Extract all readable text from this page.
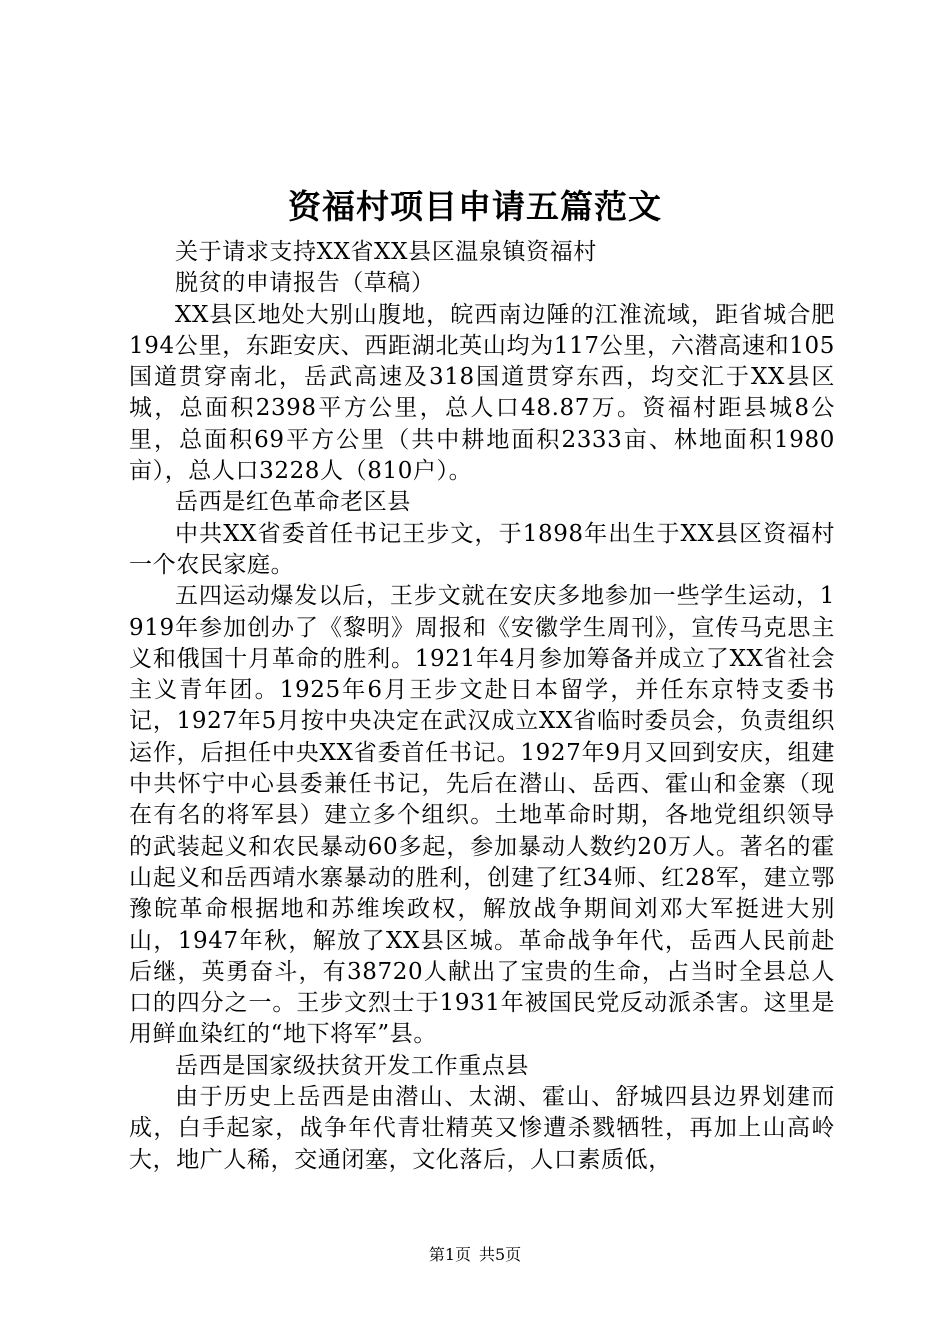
资福村项目申请五篇范文

关于请求支持XX省XX县区温泉镇资福村

脱贫的申请报告（草稿）

XX县区地处大别山腹地，皖西南边陲的江淮流域，距省城合肥194公里，东距安庆、西距湖北英山均为117公里，六潜高速和105国道贯穿南北，岳武高速及318国道贯穿东西，均交汇于XX县区城，总面积2398平方公里，总人口48.87万。资福村距县城8公里，总面积69平方公里（共中耕地面积2333亩、林地面积1980亩），总人口3228人（810户）。

岳西是红色革命老区县

中共XX省委首任书记王步文，于1898年出生于XX县区资福村一个农民家庭。

五四运动爆发以后，王步文就在安庆多地参加一些学生运动，1919年参加创办了《黎明》周报和《安徽学生周刊》，宣传马克思主义和俄国十月革命的胜利。1921年4月参加筹备并成立了XX省社会主义青年团。1925年6月王步文赴日本留学，并任东京特支委书记，1927年5月按中央决定在武汉成立XX省临时委员会，负责组织运作，后担任中央XX省委首任书记。1927年9月又回到安庆，组建中共怀宁中心县委兼任书记，先后在潜山、岳西、霍山和金寨（现在有名的将军县）建立多个组织。土地革命时期，各地党组织领导的武装起义和农民暴动60多起，参加暴动人数约20万人。著名的霍山起义和岳西靖水寨暴动的胜利，创建了红34师、红28军，建立鄂豫皖革命根据地和苏维埃政权，解放战争期间刘邓大军挺进大别山，1947年秋，解放了XX县区城。革命战争年代，岳西人民前赴后继，英勇奋斗，有38720人献出了宝贵的生命，占当时全县总人口的四分之一。王步文烈士于1931年被国民党反动派杀害。这里是用鲜血染红的“地下将军”县。

岳西是国家级扶贫开发工作重点县

由于历史上岳西是由潜山、太湖、霍山、舒城四县边界划建而成，白手起家，战争年代青壮精英又惨遭杀戮牺牲，再加上山高岭大，地广人稀，交通闭塞，文化落后，人口素质低，

第1页 共5页
